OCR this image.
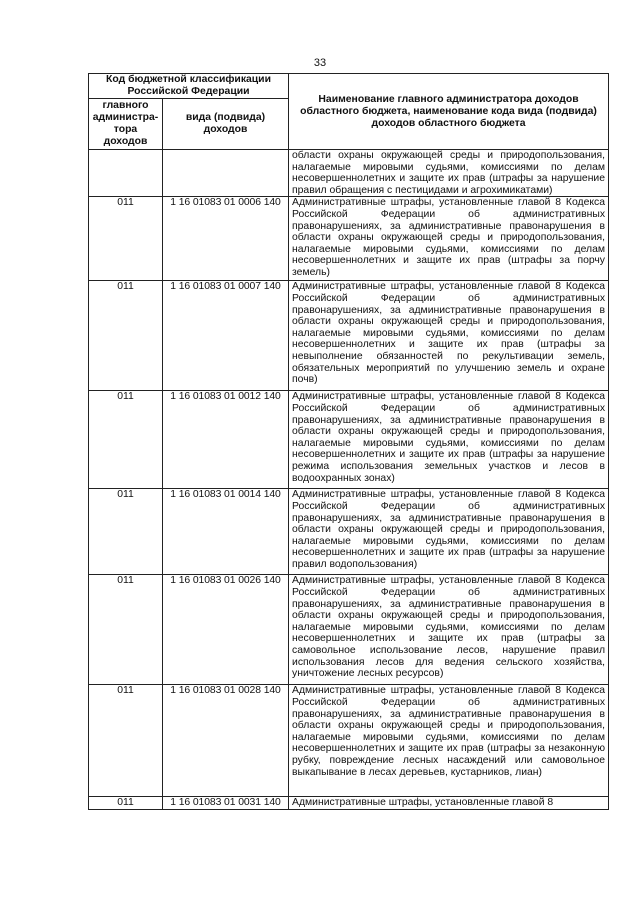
33
Код бюджетной классификации Российской Федерации		Наименование главного администратора доходов областного бюджета, наименование кода вида (подвида) доходов областного бюджета
главного администра-тора доходов	вида (подвида) доходов	
		области охраны окружающей среды и природопользования, налагаемые мировыми судьями, комиссиями по делам несовершеннолетних и защите их прав (штрафы за нарушение правил обращения с пестицидами и агрохимикатами)
011	1 16 01083 01 0006 140	Административные штрафы, установленные главой 8 Кодекса Российской Федерации об административных правонарушениях, за административные правонарушения в области охраны окружающей среды и природопользования, налагаемые мировыми судьями, комиссиями по делам несовершеннолетних и защите их прав (штрафы за порчу земель)
011	1 16 01083 01 0007 140	Административные штрафы, установленные главой 8 Кодекса Российской Федерации об административных правонарушениях, за административные правонарушения в области охраны окружающей среды и природопользования, налагаемые мировыми судьями, комиссиями по делам несовершеннолетних и защите их прав (штрафы за невыполнение обязанностей по рекультивации земель, обязательных мероприятий по улучшению земель и охране почв)
011	1 16 01083 01 0012 140	Административные штрафы, установленные главой 8 Кодекса Российской Федерации об административных правонарушениях, за административные правонарушения в области охраны окружающей среды и природопользования, налагаемые мировыми судьями, комиссиями по делам несовершеннолетних и защите их прав (штрафы за нарушение режима использования земельных участков и лесов в водоохранных зонах)
011	1 16 01083 01 0014 140	Административные штрафы, установленные главой 8 Кодекса Российской Федерации об административных правонарушениях, за административные правонарушения в области охраны окружающей среды и природопользования, налагаемые мировыми судьями, комиссиями по делам несовершеннолетних и защите их прав (штрафы за нарушение правил водопользования)
011	1 16 01083 01 0026 140	Административные штрафы, установленные главой 8 Кодекса Российской Федерации об административных правонарушениях, за административные правонарушения в области охраны окружающей среды и природопользования, налагаемые мировыми судьями, комиссиями по делам несовершеннолетних и защите их прав (штрафы за самовольное использование лесов, нарушение правил использования лесов для ведения сельского хозяйства, уничтожение лесных ресурсов)
011	1 16 01083 01 0028 140	Административные штрафы, установленные главой 8 Кодекса Российской Федерации об административных правонарушениях, за административные правонарушения в области охраны окружающей среды и природопользования, налагаемые мировыми судьями, комиссиями по делам несовершеннолетних и защите их прав (штрафы за незаконную рубку, повреждение лесных насаждений или самовольное выкапывание в лесах деревьев, кустарников, лиан)
011	1 16 01083 01 0031 140	Административные штрафы, установленные главой 8
